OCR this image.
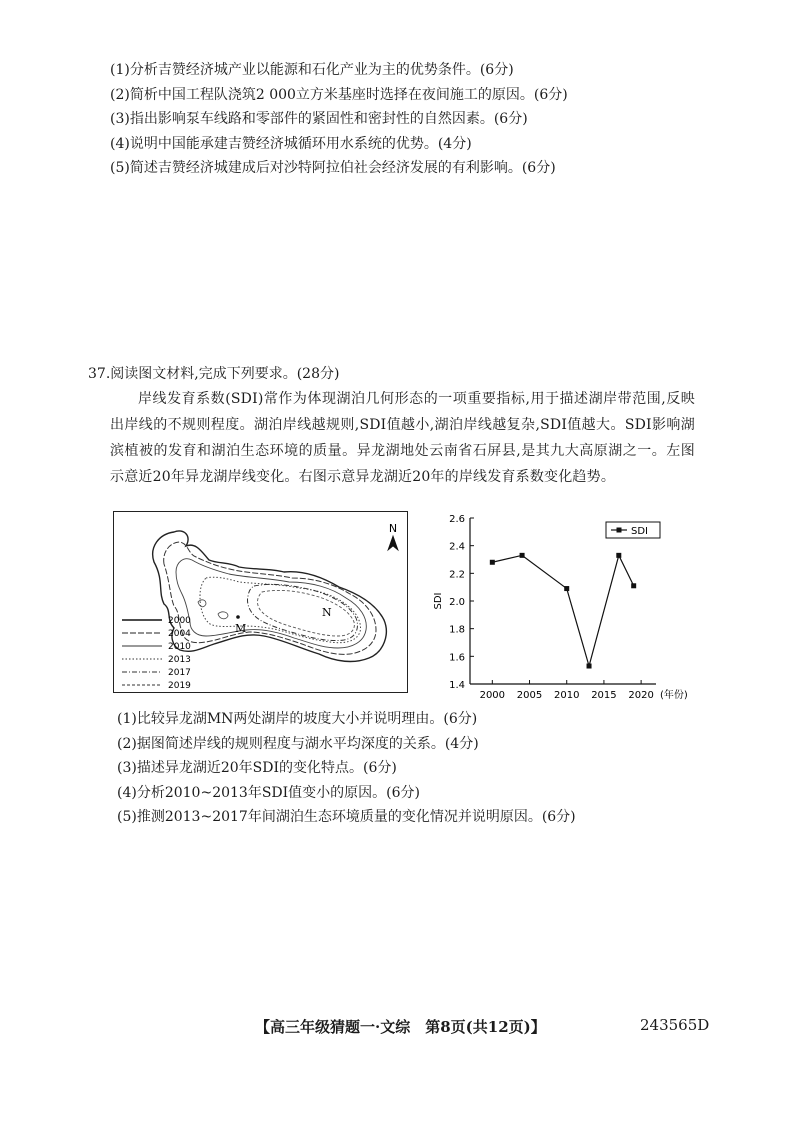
(1)分析吉赞经济城产业以能源和石化产业为主的优势条件。(6分)
(2)简析中国工程队浇筑2 000立方米基座时选择在夜间施工的原因。(6分)
(3)指出影响泵车线路和零部件的紧固性和密封性的自然因素。(6分)
(4)说明中国能承建吉赞经济城循环用水系统的优势。(4分)
(5)简述吉赞经济城建成后对沙特阿拉伯社会经济发展的有利影响。(6分)
37.阅读图文材料,完成下列要求。(28分)

岸线发育系数(SDI)常作为体现湖泊几何形态的一项重要指标,用于描述湖岸带范围,反映出岸线的不规则程度。湖泊岸线越规则,SDI值越小,湖泊岸线越复杂,SDI值越大。SDI影响湖滨植被的发育和湖泊生态环境的质量。异龙湖地处云南省石屏县,是其九大高原湖之一。左图示意近20年异龙湖岸线变化。右图示意异龙湖近20年的岸线发育系数变化趋势。

N
M
N
2000
2004
2010
2013
2017
2019	1.4
1.6
1.8
2.0
2.2
2.4
2.6
2000 2005 2010 2015 2020
SDI
(年份)
SDI
(1)比较异龙湖MN两处湖岸的坡度大小并说明理由。(6分)
(2)据图简述岸线的规则程度与湖水平均深度的关系。(4分)
(3)描述异龙湖近20年SDI的变化特点。(6分)
(4)分析2010~2013年SDI值变小的原因。(6分)
(5)推测2013~2017年间湖泊生态环境质量的变化情况并说明原因。(6分)
【高三年级猜题一·文综　第8页(共12页)】	243565D
